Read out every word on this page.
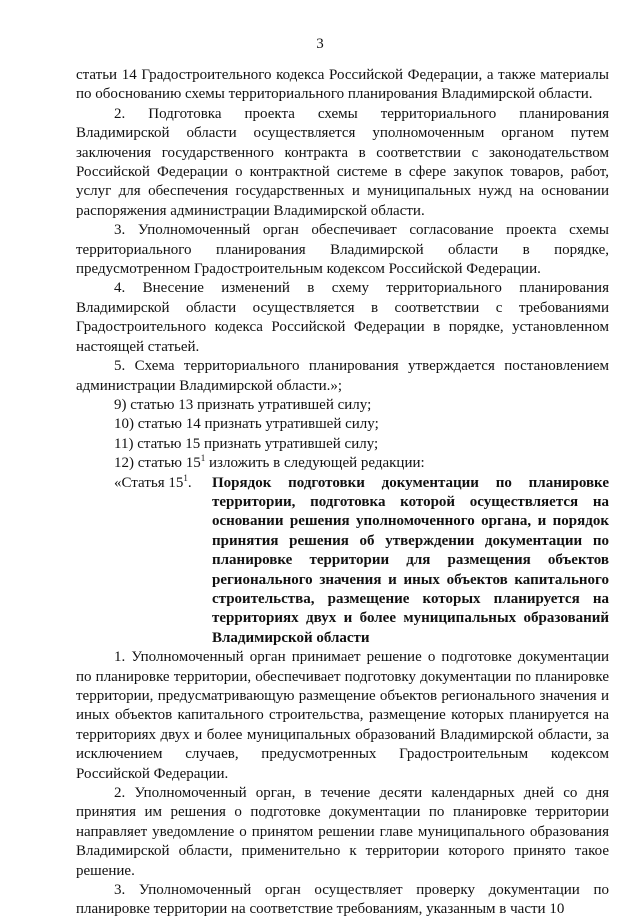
3

статьи 14 Градостроительного кодекса Российской Федерации, а также материалы по обоснованию схемы территориального планирования Владимирской области.

2. Подготовка проекта схемы территориального планирования Владимирской области осуществляется уполномоченным органом путем заключения государственного контракта в соответствии с законодательством Российской Федерации о контрактной системе в сфере закупок товаров, работ, услуг для обеспечения государственных и муниципальных нужд на основании распоряжения администрации Владимирской области.

3. Уполномоченный орган обеспечивает согласование проекта схемы территориального планирования Владимирской области в порядке, предусмотренном Градостроительным кодексом Российской Федерации.

4. Внесение изменений в схему территориального планирования Владимирской области осуществляется в соответствии с требованиями Градостроительного кодекса Российской Федерации в порядке, установленном настоящей статьей.

5. Схема территориального планирования утверждается постановлением администрации Владимирской области.»;

9) статью 13 признать утратившей силу;

10) статью 14 признать утратившей силу;

11) статью 15 признать утратившей силу;

12) статью $15^1$ изложить в следующей редакции:

«Статья $15^1$.	Порядок подготовки документации по планировке территории, подготовка которой осуществляется на основании решения уполномоченного органа, и порядок принятия решения об утверждении документации по планировке территории для размещения объектов регионального значения и иных объектов капитального строительства, размещение которых планируется на территориях двух и более муниципальных образований Владимирской области

1. Уполномоченный орган принимает решение о подготовке документации по планировке территории, обеспечивает подготовку документации по планировке территории, предусматривающую размещение объектов регионального значения и иных объектов капитального строительства, размещение которых планируется на территориях двух и более муниципальных образований Владимирской области, за исключением случаев, предусмотренных Градостроительным кодексом Российской Федерации.

2. Уполномоченный орган, в течение десяти календарных дней со дня принятия им решения о подготовке документации по планировке территории направляет уведомление о принятом решении главе муниципального образования Владимирской области, применительно к территории которого принято такое решение.

3. Уполномоченный орган осуществляет проверку документации по планировке территории на соответствие требованиям, указанным в части 10
